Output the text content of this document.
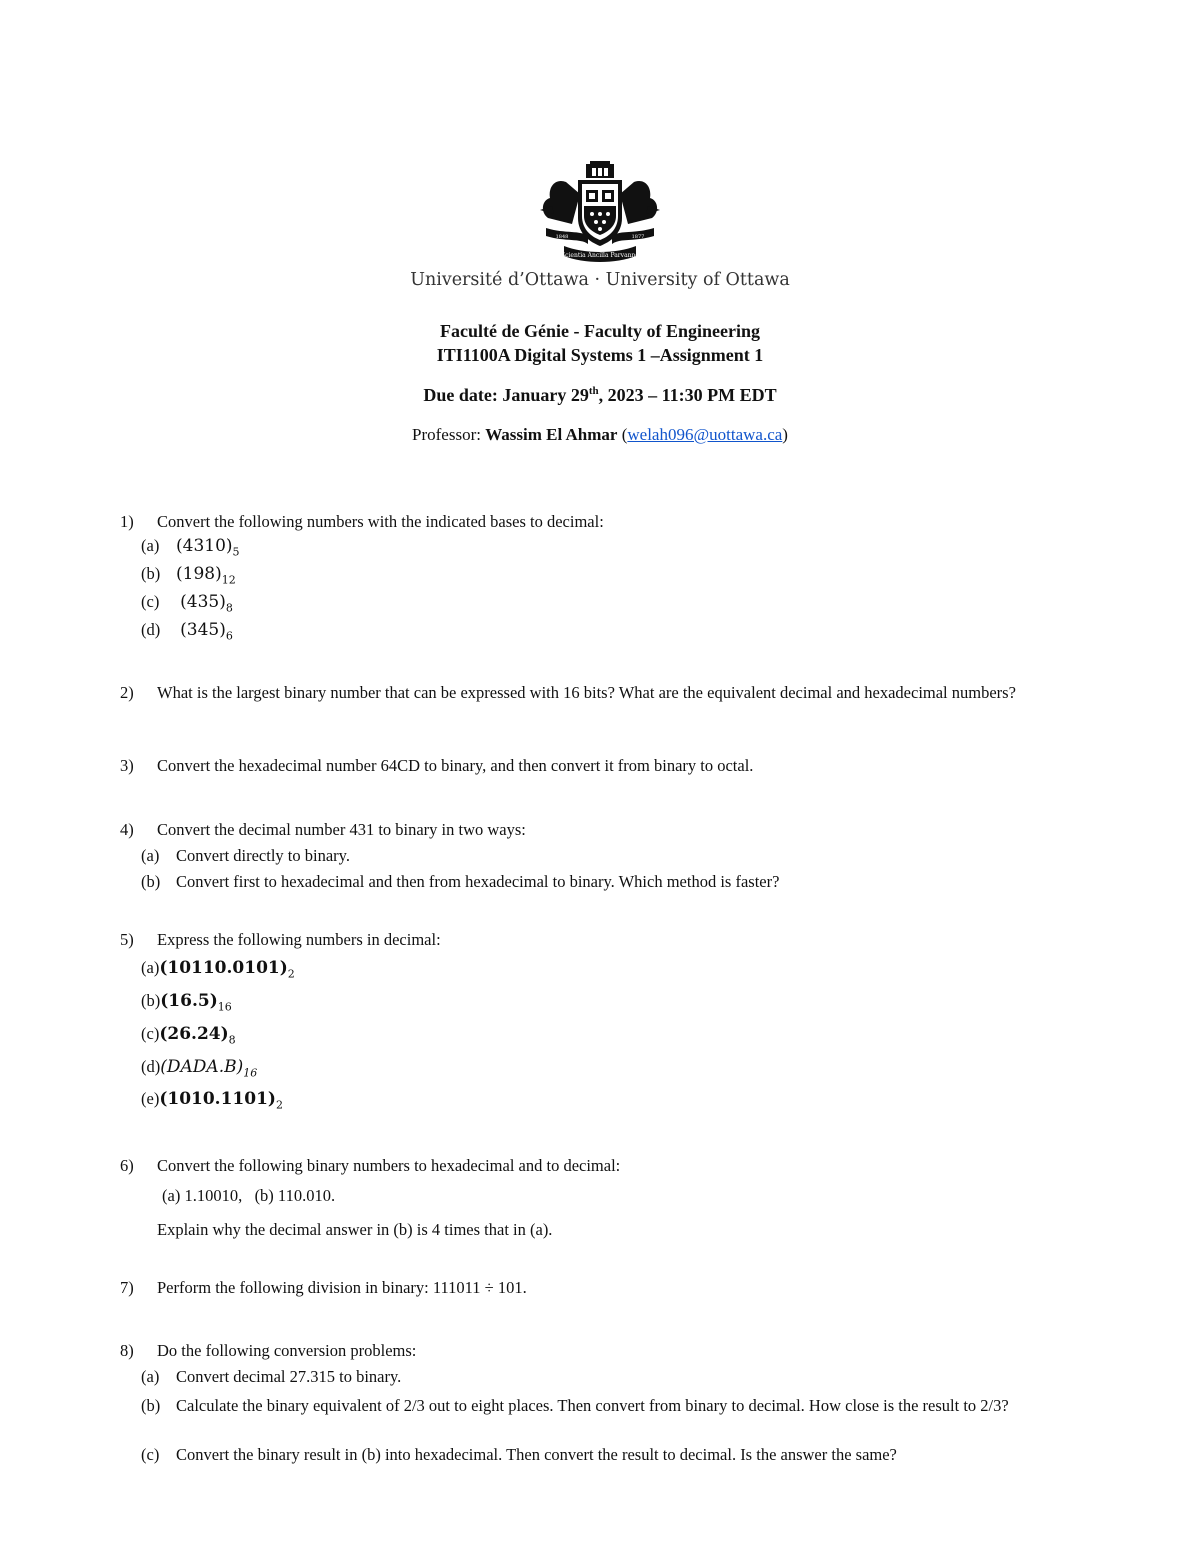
Scientia Ancilla Parvanne
1848	1877
Université d’Ottawa · University of Ottawa
Faculté de Génie - Faculty of Engineering
ITI1100A Digital Systems 1 –Assignment 1
Due date: January 29th, 2023 – 11:30 PM EDT
Professor: Wassim El Ahmar (welah096@uottawa.ca)
1) Convert the following numbers with the indicated bases to decimal:
(a) $(4310)_5$
(b) $(198)_{12}$
(c) $(435)_8$
(d) $(345)_6$
2) What is the largest binary number that can be expressed with 16 bits? What are the equivalent decimal and hexadecimal numbers?
3) Convert the hexadecimal number 64CD to binary, and then convert it from binary to octal.
4) Convert the decimal number 431 to binary in two ways:
(a) Convert directly to binary.
(b) Convert first to hexadecimal and then from hexadecimal to binary. Which method is faster?
5) Express the following numbers in decimal:
$(a)(10110.0101)_2$
$(b)(16.5)_{16}$
$(c)(26.24)_8$
$(d)(DADA.B)_{16}$
$(e)(1010.1101)_2$
6) Convert the following binary numbers to hexadecimal and to decimal:
(a) 1.10010,   (b) 110.010.
Explain why the decimal answer in (b) is 4 times that in (a).
7) Perform the following division in binary: 111011 ÷ 101.
8) Do the following conversion problems:
(a) Convert decimal 27.315 to binary.
(b) Calculate the binary equivalent of 2/3 out to eight places. Then convert from binary to decimal. How close is the result to 2/3?
(c) Convert the binary result in (b) into hexadecimal. Then convert the result to decimal. Is the answer the same?
